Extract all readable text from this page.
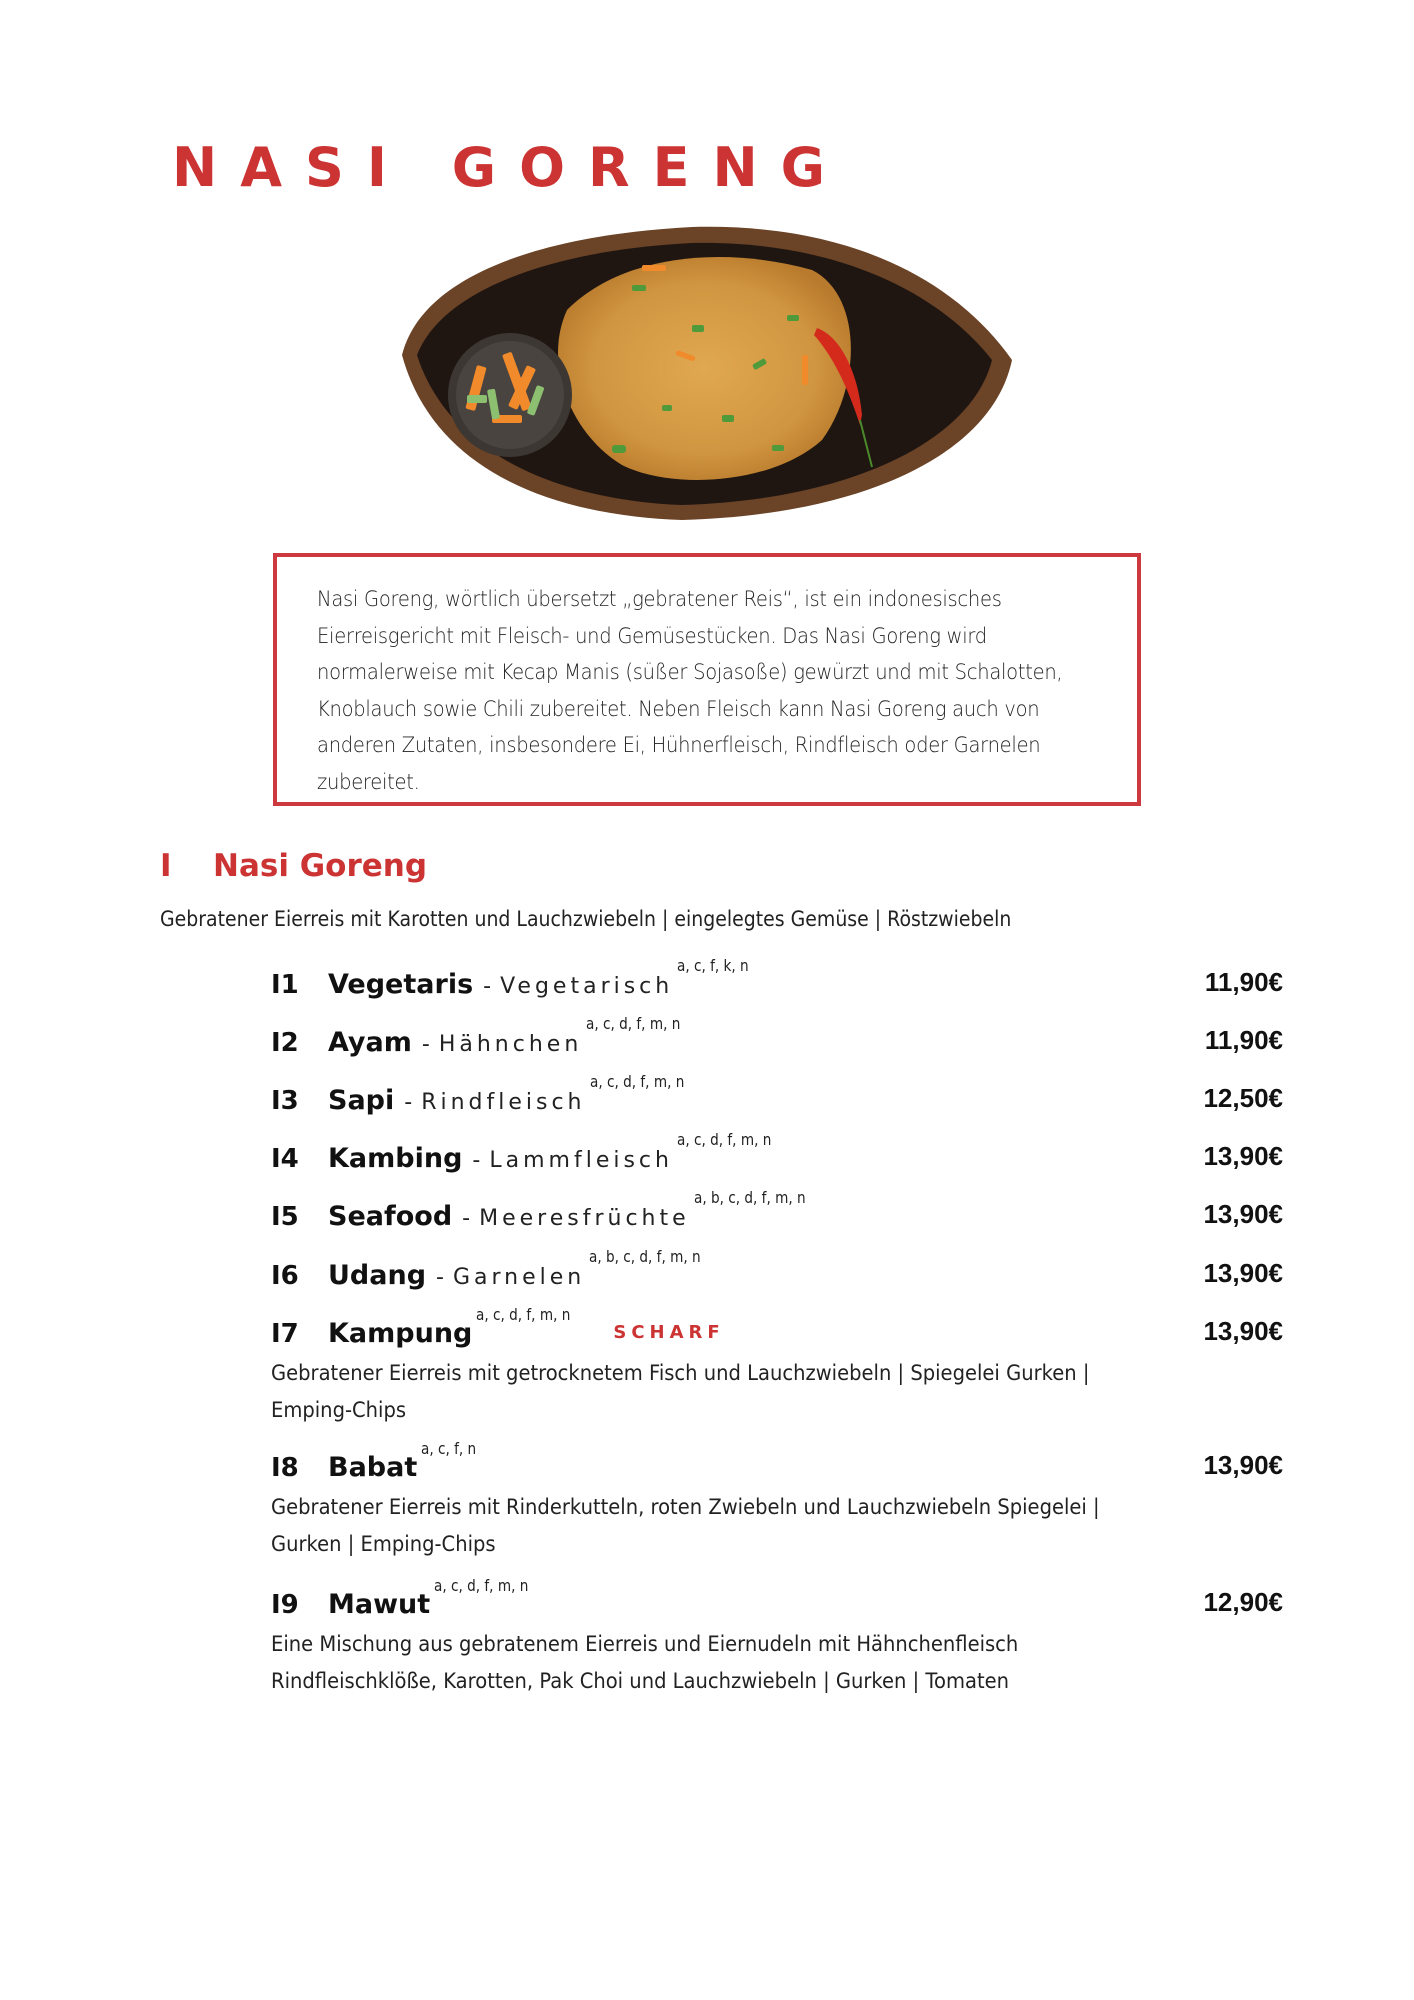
NASI GORENG
Nasi Goreng, wörtlich übersetzt „gebratener Reis“, ist ein indonesisches Eierreisgericht mit Fleisch- und Gemüsestücken. Das Nasi Goreng wird normalerweise mit Kecap Manis (süßer Sojasoße) gewürzt und mit Schalotten, Knoblauch sowie Chili zubereitet. Neben Fleisch kann Nasi Goreng auch von anderen Zutaten, insbesondere Ei, Hühnerfleisch, Rindfleisch oder Garnelen zubereitet.
I Nasi Goreng
Gebratener Eierreis mit Karotten und Lauchzwiebeln | eingelegtes Gemüse | Röstzwiebeln
I1 Vegetaris - Vegetarisch$^{a, c, f, k, n}$
11,90€
I2 Ayam - Hähnchen$^{a, c, d, f, m, n}$
11,90€
I3 Sapi - Rindfleisch$^{a, c, d, f, m, n}$
12,50€
I4 Kambing - Lammfleisch$^{a, c, d, f, m, n}$
13,90€
I5 Seafood - Meeresfrüchte$^{a, b, c, d, f, m, n}$
13,90€
I6 Udang - Garnelen$^{a, b, c, d, f, m, n}$
13,90€
I7 Kampung$^{a, c, d, f, m, n}$SCHARF	13,90€
Gebratener Eierreis mit getrocknetem Fisch und Lauchzwiebeln | Spiegelei Gurken | Emping-Chips
I8 Babat$^{a, c, f, n}$
13,90€
Gebratener Eierreis mit Rinderkutteln, roten Zwiebeln und Lauchzwiebeln Spiegelei | Gurken | Emping-Chips
I9 Mawut$^{a, c, d, f, m, n}$
12,90€
Eine Mischung aus gebratenem Eierreis und Eiernudeln mit Hähnchenfleisch Rindfleischklöße, Karotten, Pak Choi und Lauchzwiebeln | Gurken | Tomaten
